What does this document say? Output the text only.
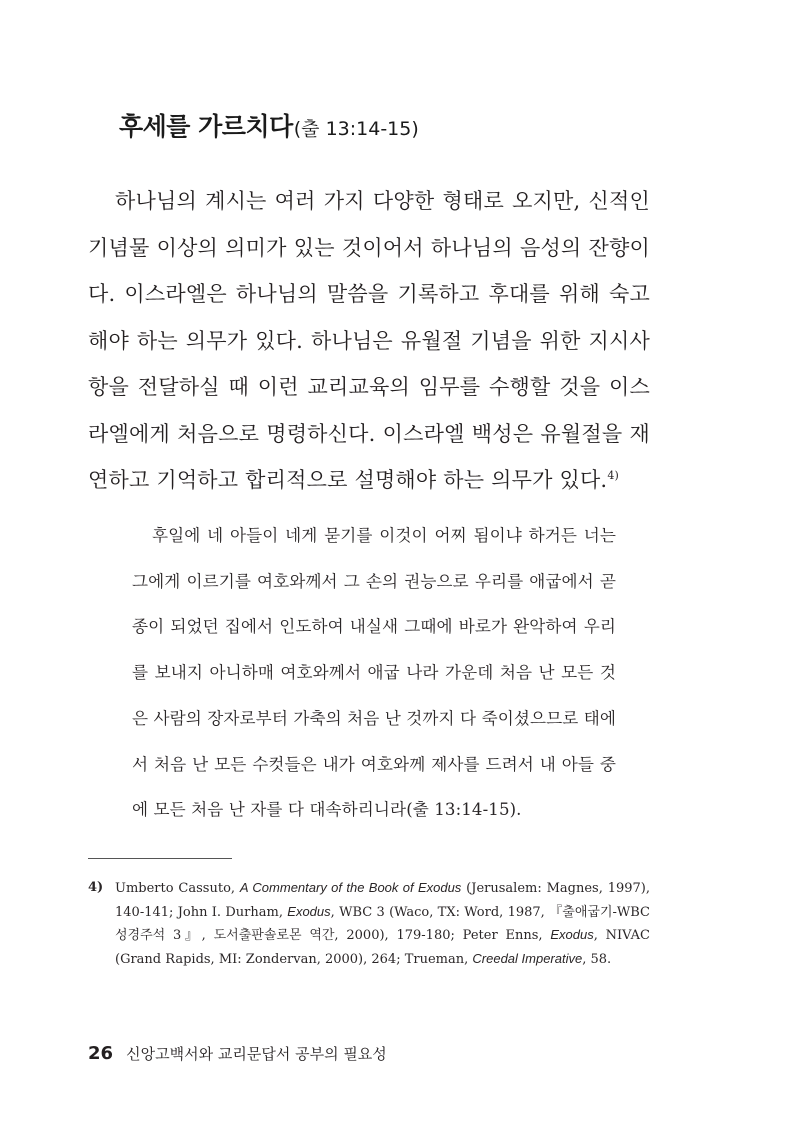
후세를 가르치다(출 13:14-15)

하나님의 계시는 여러 가지 다양한 형태로 오지만, 신적인 기념물 이상의 의미가 있는 것이어서 하나님의 음성의 잔향이다. 이스라엘은 하나님의 말씀을 기록하고 후대를 위해 숙고해야 하는 의무가 있다. 하나님은 유월절 기념을 위한 지시사항을 전달하실 때 이런 교리교육의 임무를 수행할 것을 이스라엘에게 처음으로 명령하신다. 이스라엘 백성은 유월절을 재연하고 기억하고 합리적으로 설명해야 하는 의무가 있다.$^{4)}$

후일에 네 아들이 네게 묻기를 이것이 어찌 됨이냐 하거든 너는 그에게 이르기를 여호와께서 그 손의 권능으로 우리를 애굽에서 곧 종이 되었던 집에서 인도하여 내실새 그때에 바로가 완악하여 우리를 보내지 아니하매 여호와께서 애굽 나라 가운데 처음 난 모든 것은 사람의 장자로부터 가축의 처음 난 것까지 다 죽이셨으므로 태에서 처음 난 모든 수컷들은 내가 여호와께 제사를 드려서 내 아들 중에 모든 처음 난 자를 다 대속하리니라(출 13:14-15).

4) Umberto Cassuto, A Commentary of the Book of Exodus (Jerusalem: Magnes, 1997), 140-141; John I. Durham, Exodus, WBC 3 (Waco, TX: Word, 1987, 『출애굽기-WBC성경주석 3』, 도서출판솔로몬 역간, 2000), 179-180; Peter Enns, Exodus, NIVAC (Grand Rapids, MI: Zondervan, 2000), 264; Trueman, Creedal Imperative, 58.
26 신앙고백서와 교리문답서 공부의 필요성
